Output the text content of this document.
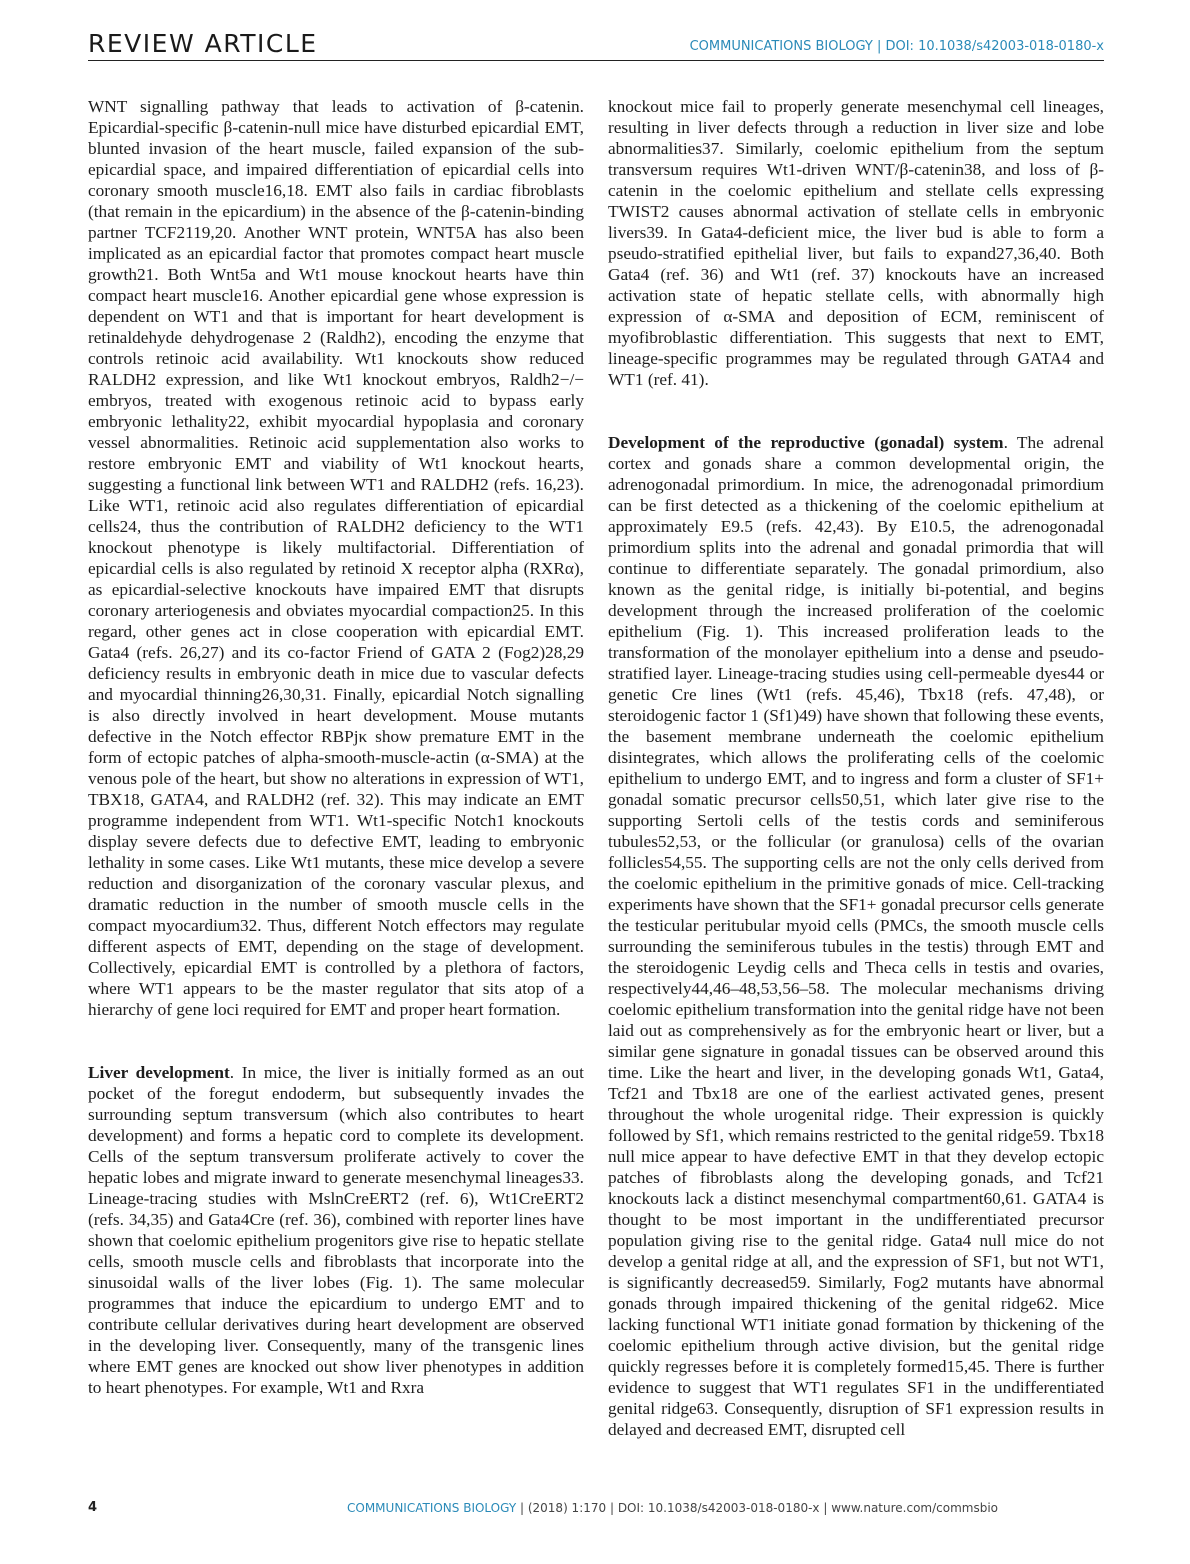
REVIEW ARTICLE	COMMUNICATIONS BIOLOGY | DOI: 10.1038/s42003-018-0180-x

WNT signalling pathway that leads to activation of β-catenin. Epicardial-specific β-catenin-null mice have disturbed epicardial EMT, blunted invasion of the heart muscle, failed expansion of the sub-epicardial space, and impaired differentiation of epicardial cells into coronary smooth muscle16,18. EMT also fails in cardiac fibroblasts (that remain in the epicardium) in the absence of the β-catenin-binding partner TCF2119,20. Another WNT protein, WNT5A has also been implicated as an epicardial factor that promotes compact heart muscle growth21. Both Wnt5a and Wt1 mouse knockout hearts have thin compact heart muscle16. Another epicardial gene whose expression is dependent on WT1 and that is important for heart development is retinaldehyde dehydrogenase 2 (Raldh2), encoding the enzyme that controls retinoic acid availability. Wt1 knockouts show reduced RALDH2 expression, and like Wt1 knockout embryos, Raldh2−/− embryos, treated with exogenous retinoic acid to bypass early embryonic lethality22, exhibit myocardial hypoplasia and coronary vessel abnormalities. Retinoic acid supplementation also works to restore embryonic EMT and viability of Wt1 knockout hearts, suggesting a functional link between WT1 and RALDH2 (refs. 16,23). Like WT1, retinoic acid also regulates differentiation of epicardial cells24, thus the contribution of RALDH2 deficiency to the WT1 knockout phenotype is likely multifactorial. Differentiation of epicardial cells is also regulated by retinoid X receptor alpha (RXRα), as epicardial-selective knockouts have impaired EMT that disrupts coronary arteriogenesis and obviates myocardial compaction25. In this regard, other genes act in close cooperation with epicardial EMT. Gata4 (refs. 26,27) and its co-factor Friend of GATA 2 (Fog2)28,29 deficiency results in embryonic death in mice due to vascular defects and myocardial thinning26,30,31. Finally, epicardial Notch signalling is also directly involved in heart development. Mouse mutants defective in the Notch effector RBPjκ show premature EMT in the form of ectopic patches of alpha-smooth-muscle-actin (α-SMA) at the venous pole of the heart, but show no alterations in expression of WT1, TBX18, GATA4, and RALDH2 (ref. 32). This may indicate an EMT programme independent from WT1. Wt1-specific Notch1 knockouts display severe defects due to defective EMT, leading to embryonic lethality in some cases. Like Wt1 mutants, these mice develop a severe reduction and disorganization of the coronary vascular plexus, and dramatic reduction in the number of smooth muscle cells in the compact myocardium32. Thus, different Notch effectors may regulate different aspects of EMT, depending on the stage of development. Collectively, epicardial EMT is controlled by a plethora of factors, where WT1 appears to be the master regulator that sits atop of a hierarchy of gene loci required for EMT and proper heart formation.

Liver development. In mice, the liver is initially formed as an out pocket of the foregut endoderm, but subsequently invades the surrounding septum transversum (which also contributes to heart development) and forms a hepatic cord to complete its development. Cells of the septum transversum proliferate actively to cover the hepatic lobes and migrate inward to generate mesenchymal lineages33. Lineage-tracing studies with MslnCreERT2 (ref. 6), Wt1CreERT2 (refs. 34,35) and Gata4Cre (ref. 36), combined with reporter lines have shown that coelomic epithelium progenitors give rise to hepatic stellate cells, smooth muscle cells and fibroblasts that incorporate into the sinusoidal walls of the liver lobes (Fig. 1). The same molecular programmes that induce the epicardium to undergo EMT and to contribute cellular derivatives during heart development are observed in the developing liver. Consequently, many of the transgenic lines where EMT genes are knocked out show liver phenotypes in addition to heart phenotypes. For example, Wt1 and Rxra

knockout mice fail to properly generate mesenchymal cell lineages, resulting in liver defects through a reduction in liver size and lobe abnormalities37. Similarly, coelomic epithelium from the septum transversum requires Wt1-driven WNT/β-catenin38, and loss of β-catenin in the coelomic epithelium and stellate cells expressing TWIST2 causes abnormal activation of stellate cells in embryonic livers39. In Gata4-deficient mice, the liver bud is able to form a pseudo-stratified epithelial liver, but fails to expand27,36,40. Both Gata4 (ref. 36) and Wt1 (ref. 37) knockouts have an increased activation state of hepatic stellate cells, with abnormally high expression of α-SMA and deposition of ECM, reminiscent of myofibroblastic differentiation. This suggests that next to EMT, lineage-specific programmes may be regulated through GATA4 and WT1 (ref. 41).

Development of the reproductive (gonadal) system. The adrenal cortex and gonads share a common developmental origin, the adrenogonadal primordium. In mice, the adrenogonadal primordium can be first detected as a thickening of the coelomic epithelium at approximately E9.5 (refs. 42,43). By E10.5, the adrenogonadal primordium splits into the adrenal and gonadal primordia that will continue to differentiate separately. The gonadal primordium, also known as the genital ridge, is initially bi-potential, and begins development through the increased proliferation of the coelomic epithelium (Fig. 1). This increased proliferation leads to the transformation of the monolayer epithelium into a dense and pseudo-stratified layer. Lineage-tracing studies using cell-permeable dyes44 or genetic Cre lines (Wt1 (refs. 45,46), Tbx18 (refs. 47,48), or steroidogenic factor 1 (Sf1)49) have shown that following these events, the basement membrane underneath the coelomic epithelium disintegrates, which allows the proliferating cells of the coelomic epithelium to undergo EMT, and to ingress and form a cluster of SF1+ gonadal somatic precursor cells50,51, which later give rise to the supporting Sertoli cells of the testis cords and seminiferous tubules52,53, or the follicular (or granulosa) cells of the ovarian follicles54,55. The supporting cells are not the only cells derived from the coelomic epithelium in the primitive gonads of mice. Cell-tracking experiments have shown that the SF1+ gonadal precursor cells generate the testicular peritubular myoid cells (PMCs, the smooth muscle cells surrounding the seminiferous tubules in the testis) through EMT and the steroidogenic Leydig cells and Theca cells in testis and ovaries, respectively44,46–48,53,56–58. The molecular mechanisms driving coelomic epithelium transformation into the genital ridge have not been laid out as comprehensively as for the embryonic heart or liver, but a similar gene signature in gonadal tissues can be observed around this time. Like the heart and liver, in the developing gonads Wt1, Gata4, Tcf21 and Tbx18 are one of the earliest activated genes, present throughout the whole urogenital ridge. Their expression is quickly followed by Sf1, which remains restricted to the genital ridge59. Tbx18 null mice appear to have defective EMT in that they develop ectopic patches of fibroblasts along the developing gonads, and Tcf21 knockouts lack a distinct mesenchymal compartment60,61. GATA4 is thought to be most important in the undifferentiated precursor population giving rise to the genital ridge. Gata4 null mice do not develop a genital ridge at all, and the expression of SF1, but not WT1, is significantly decreased59. Similarly, Fog2 mutants have abnormal gonads through impaired thickening of the genital ridge62. Mice lacking functional WT1 initiate gonad formation by thickening of the coelomic epithelium through active division, but the genital ridge quickly regresses before it is completely formed15,45. There is further evidence to suggest that WT1 regulates SF1 in the undifferentiated genital ridge63. Consequently, disruption of SF1 expression results in delayed and decreased EMT, disrupted cell

4	COMMUNICATIONS BIOLOGY | (2018) 1:170 | DOI: 10.1038/s42003-018-0180-x | www.nature.com/commsbio
